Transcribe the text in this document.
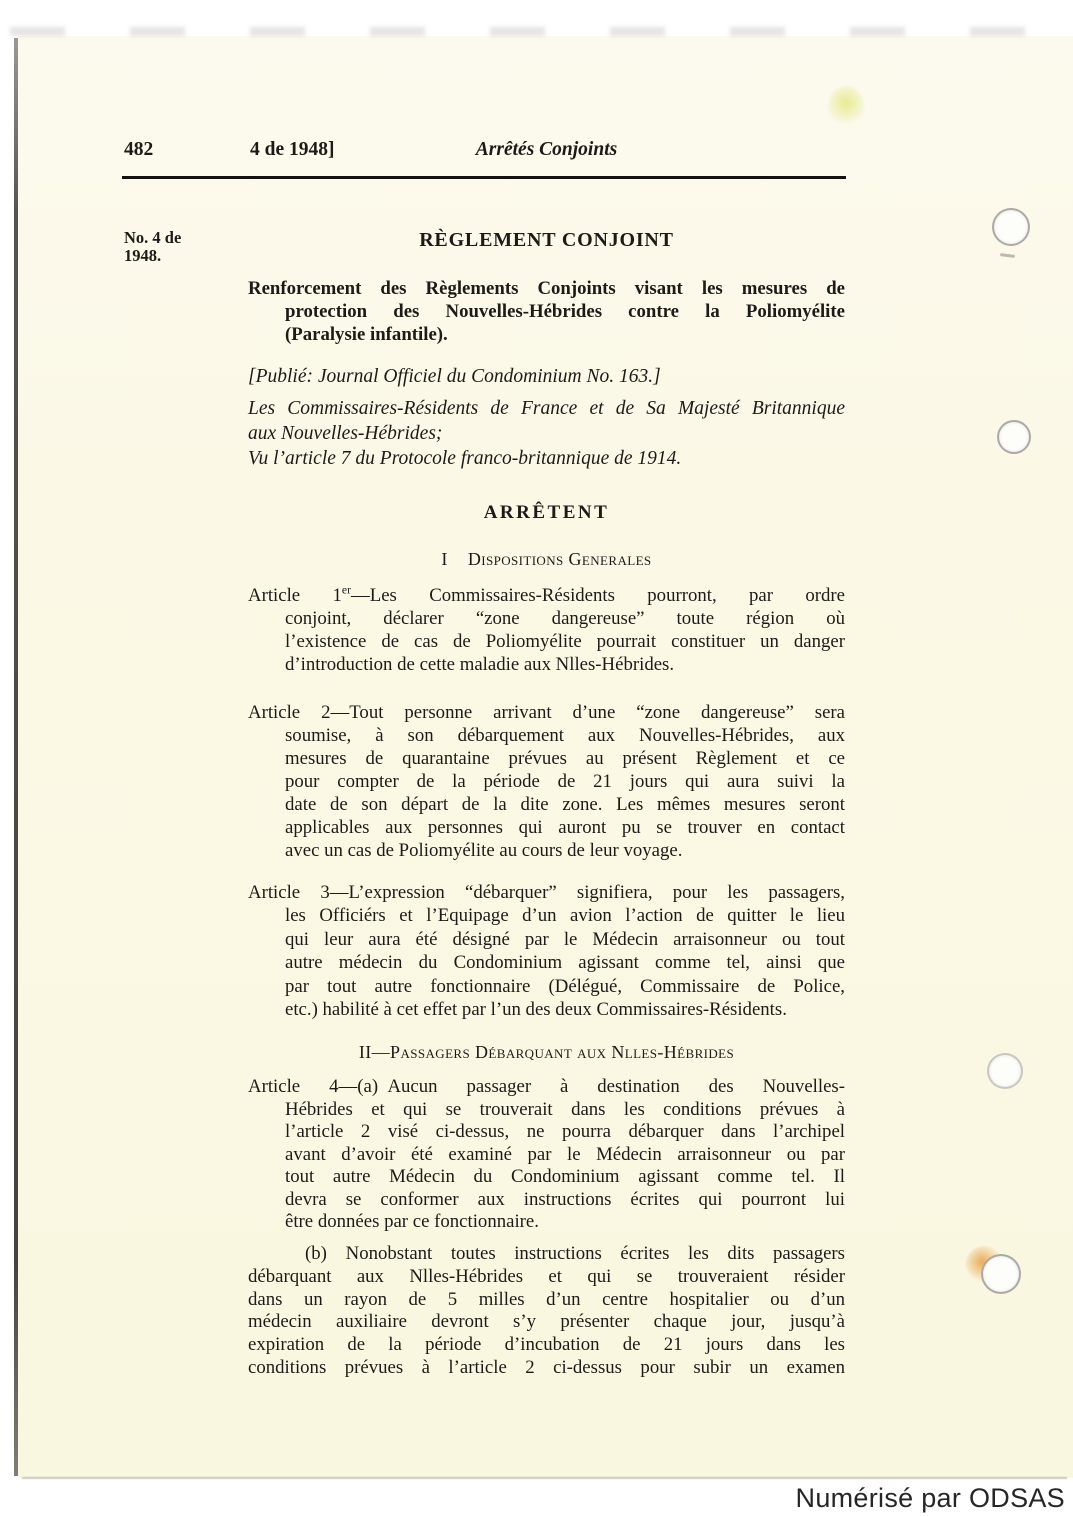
482	4 de 1948]	Arrêtés Conjoints
No. 4 de
1948.
RÈGLEMENT CONJOINT
Renforcement des Règlements Conjoints visant les mesures de
protection des Nouvelles-Hébrides contre la Poliomyélite
(Paralysie infantile).
[Publié: Journal Officiel du Condominium No. 163.]
Les Commissaires-Résidents de France et de Sa Majesté Britannique
aux Nouvelles-Hébrides;
Vu l’article 7 du Protocole franco-britannique de 1914.
ARRÊTENT
I Dispositions Generales
Article 1er—Les Commissaires-Résidents pourront, par ordre
conjoint, déclarer “zone dangereuse” toute région où
l’existence de cas de Poliomyélite pourrait constituer un danger
d’introduction de cette maladie aux Nlles-Hébrides.
Article 2—Tout personne arrivant d’une “zone dangereuse” sera
soumise, à son débarquement aux Nouvelles-Hébrides, aux
mesures de quarantaine prévues au présent Règlement et ce
pour compter de la période de 21 jours qui aura suivi la
date de son départ de la dite zone. Les mêmes mesures seront
applicables aux personnes qui auront pu se trouver en contact
avec un cas de Poliomyélite au cours de leur voyage.
Article 3—L’expression “débarquer” signifiera, pour les passagers,
les Officiérs et l’Equipage d’un avion l’action de quitter le lieu
qui leur aura été désigné par le Médecin arraisonneur ou tout
autre médecin du Condominium agissant comme tel, ainsi que
par tout autre fonctionnaire (Délégué, Commissaire de Police,
etc.) habilité à cet effet par l’un des deux Commissaires-Résidents.
II—Passagers Débarquant aux Nlles-Hébrides
Article 4—(a) Aucun passager à destination des Nouvelles-
Hébrides et qui se trouverait dans les conditions prévues à
l’article 2 visé ci-dessus, ne pourra débarquer dans l’archipel
avant d’avoir été examiné par le Médecin arraisonneur ou par
tout autre Médecin du Condominium agissant comme tel. Il
devra se conformer aux instructions écrites qui pourront lui
être données par ce fonctionnaire.
(b) Nonobstant toutes instructions écrites les dits passagers
débarquant aux Nlles-Hébrides et qui se trouveraient résider
dans un rayon de 5 milles d’un centre hospitalier ou d’un
médecin auxiliaire devront s’y présenter chaque jour, jusqu’à
expiration de la période d’incubation de 21 jours dans les
conditions prévues à l’article 2 ci-dessus pour subir un examen
Numérisé par ODSAS
